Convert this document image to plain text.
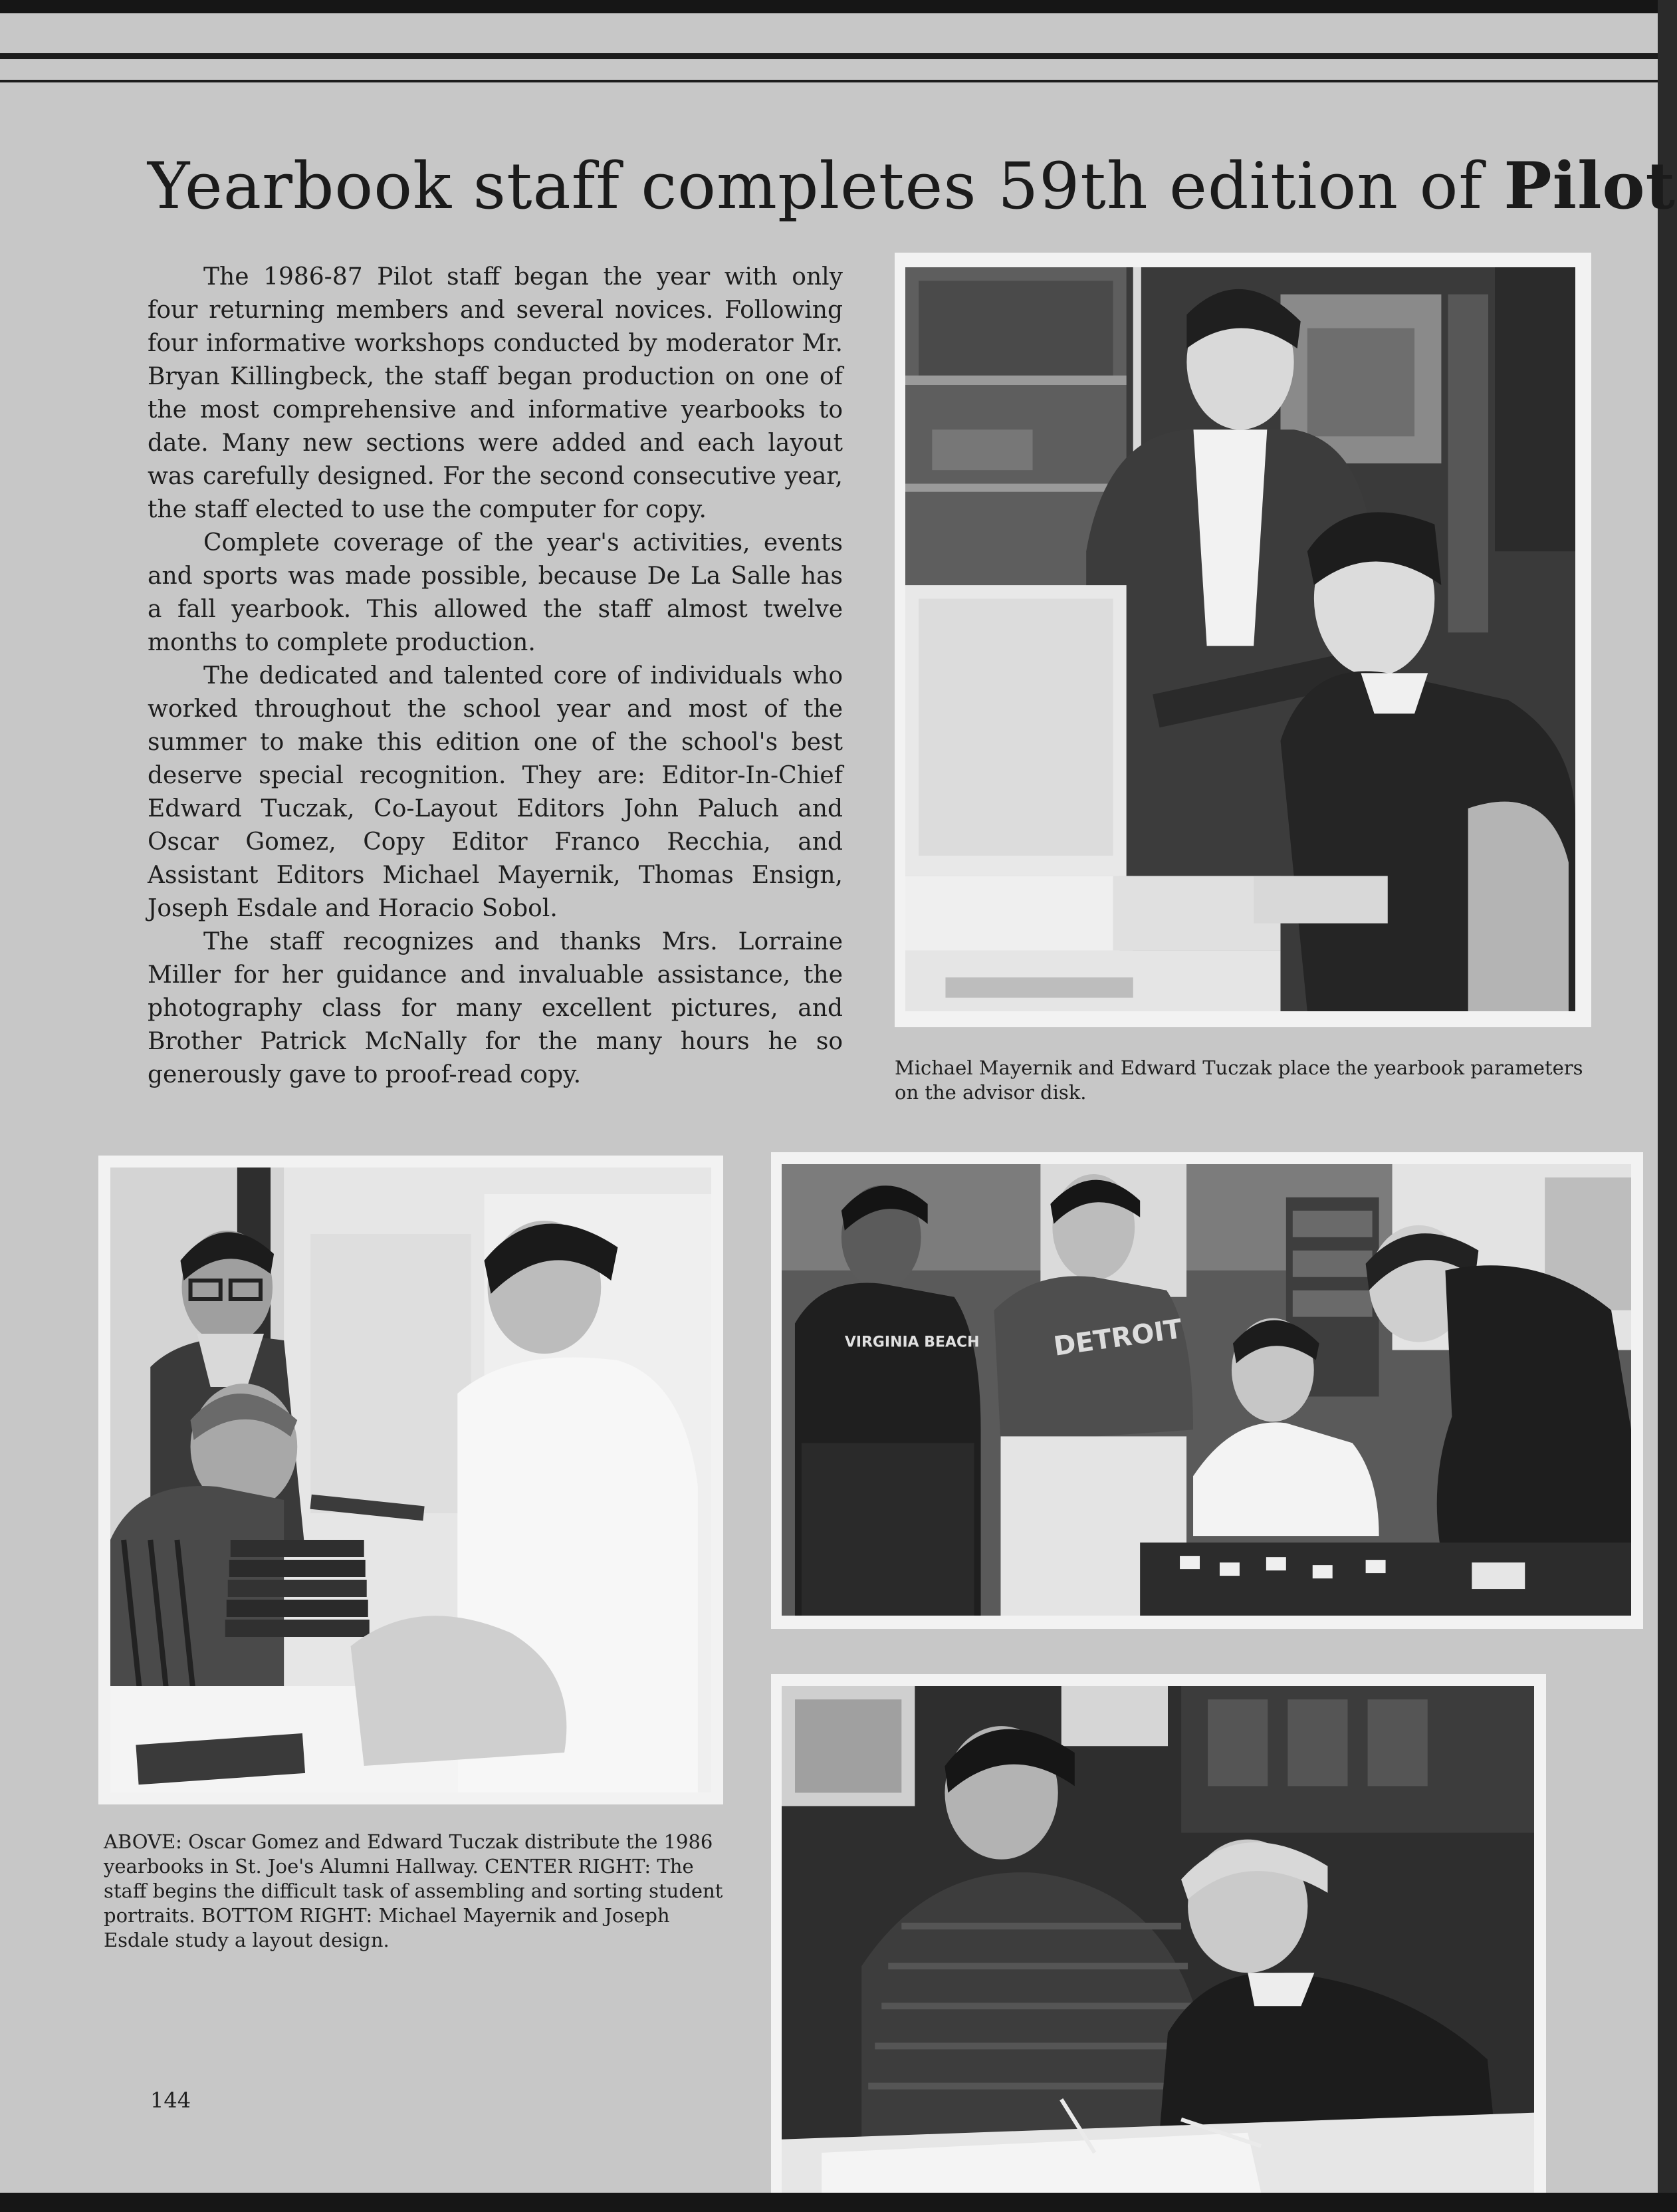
Yearbook staff completes 59th edition of Pilot

The 1986-87 Pilot staff began the year with only four returning members and several novices. Following four informative workshops conducted by moderator Mr. Bryan Killingbeck, the staff began production on one of the most comprehensive and informative yearbooks to date. Many new sections were added and each layout was carefully designed. For the second consecutive year, the staff elected to use the computer for copy.

Complete coverage of the year's activities, events and sports was made possible, because De La Salle has a fall yearbook. This allowed the staff almost twelve months to complete production.

The dedicated and talented core of individuals who worked throughout the school year and most of the summer to make this edition one of the school's best deserve special recognition. They are: Editor-In-Chief Edward Tuczak, Co-Layout Editors John Paluch and Oscar Gomez, Copy Editor Franco Recchia, and Assistant Editors Michael Mayernik, Thomas Ensign, Joseph Esdale and Horacio Sobol.

The staff recognizes and thanks Mrs. Lorraine Miller for her guidance and invaluable assistance, the photography class for many excellent pictures, and Brother Patrick McNally for the many hours he so generously gave to proof-read copy.	Michael Mayernik and Edward Tuczak place the yearbook parameters on the advisor disk.
ABOVE: Oscar Gomez and Edward Tuczak distribute the 1986 yearbooks in St. Joe's Alumni Hallway. CENTER RIGHT: The staff begins the difficult task of assembling and sorting student portraits. BOTTOM RIGHT: Michael Mayernik and Joseph Esdale study a layout design.
VIRGINIA BEACH	DETROIT
144
